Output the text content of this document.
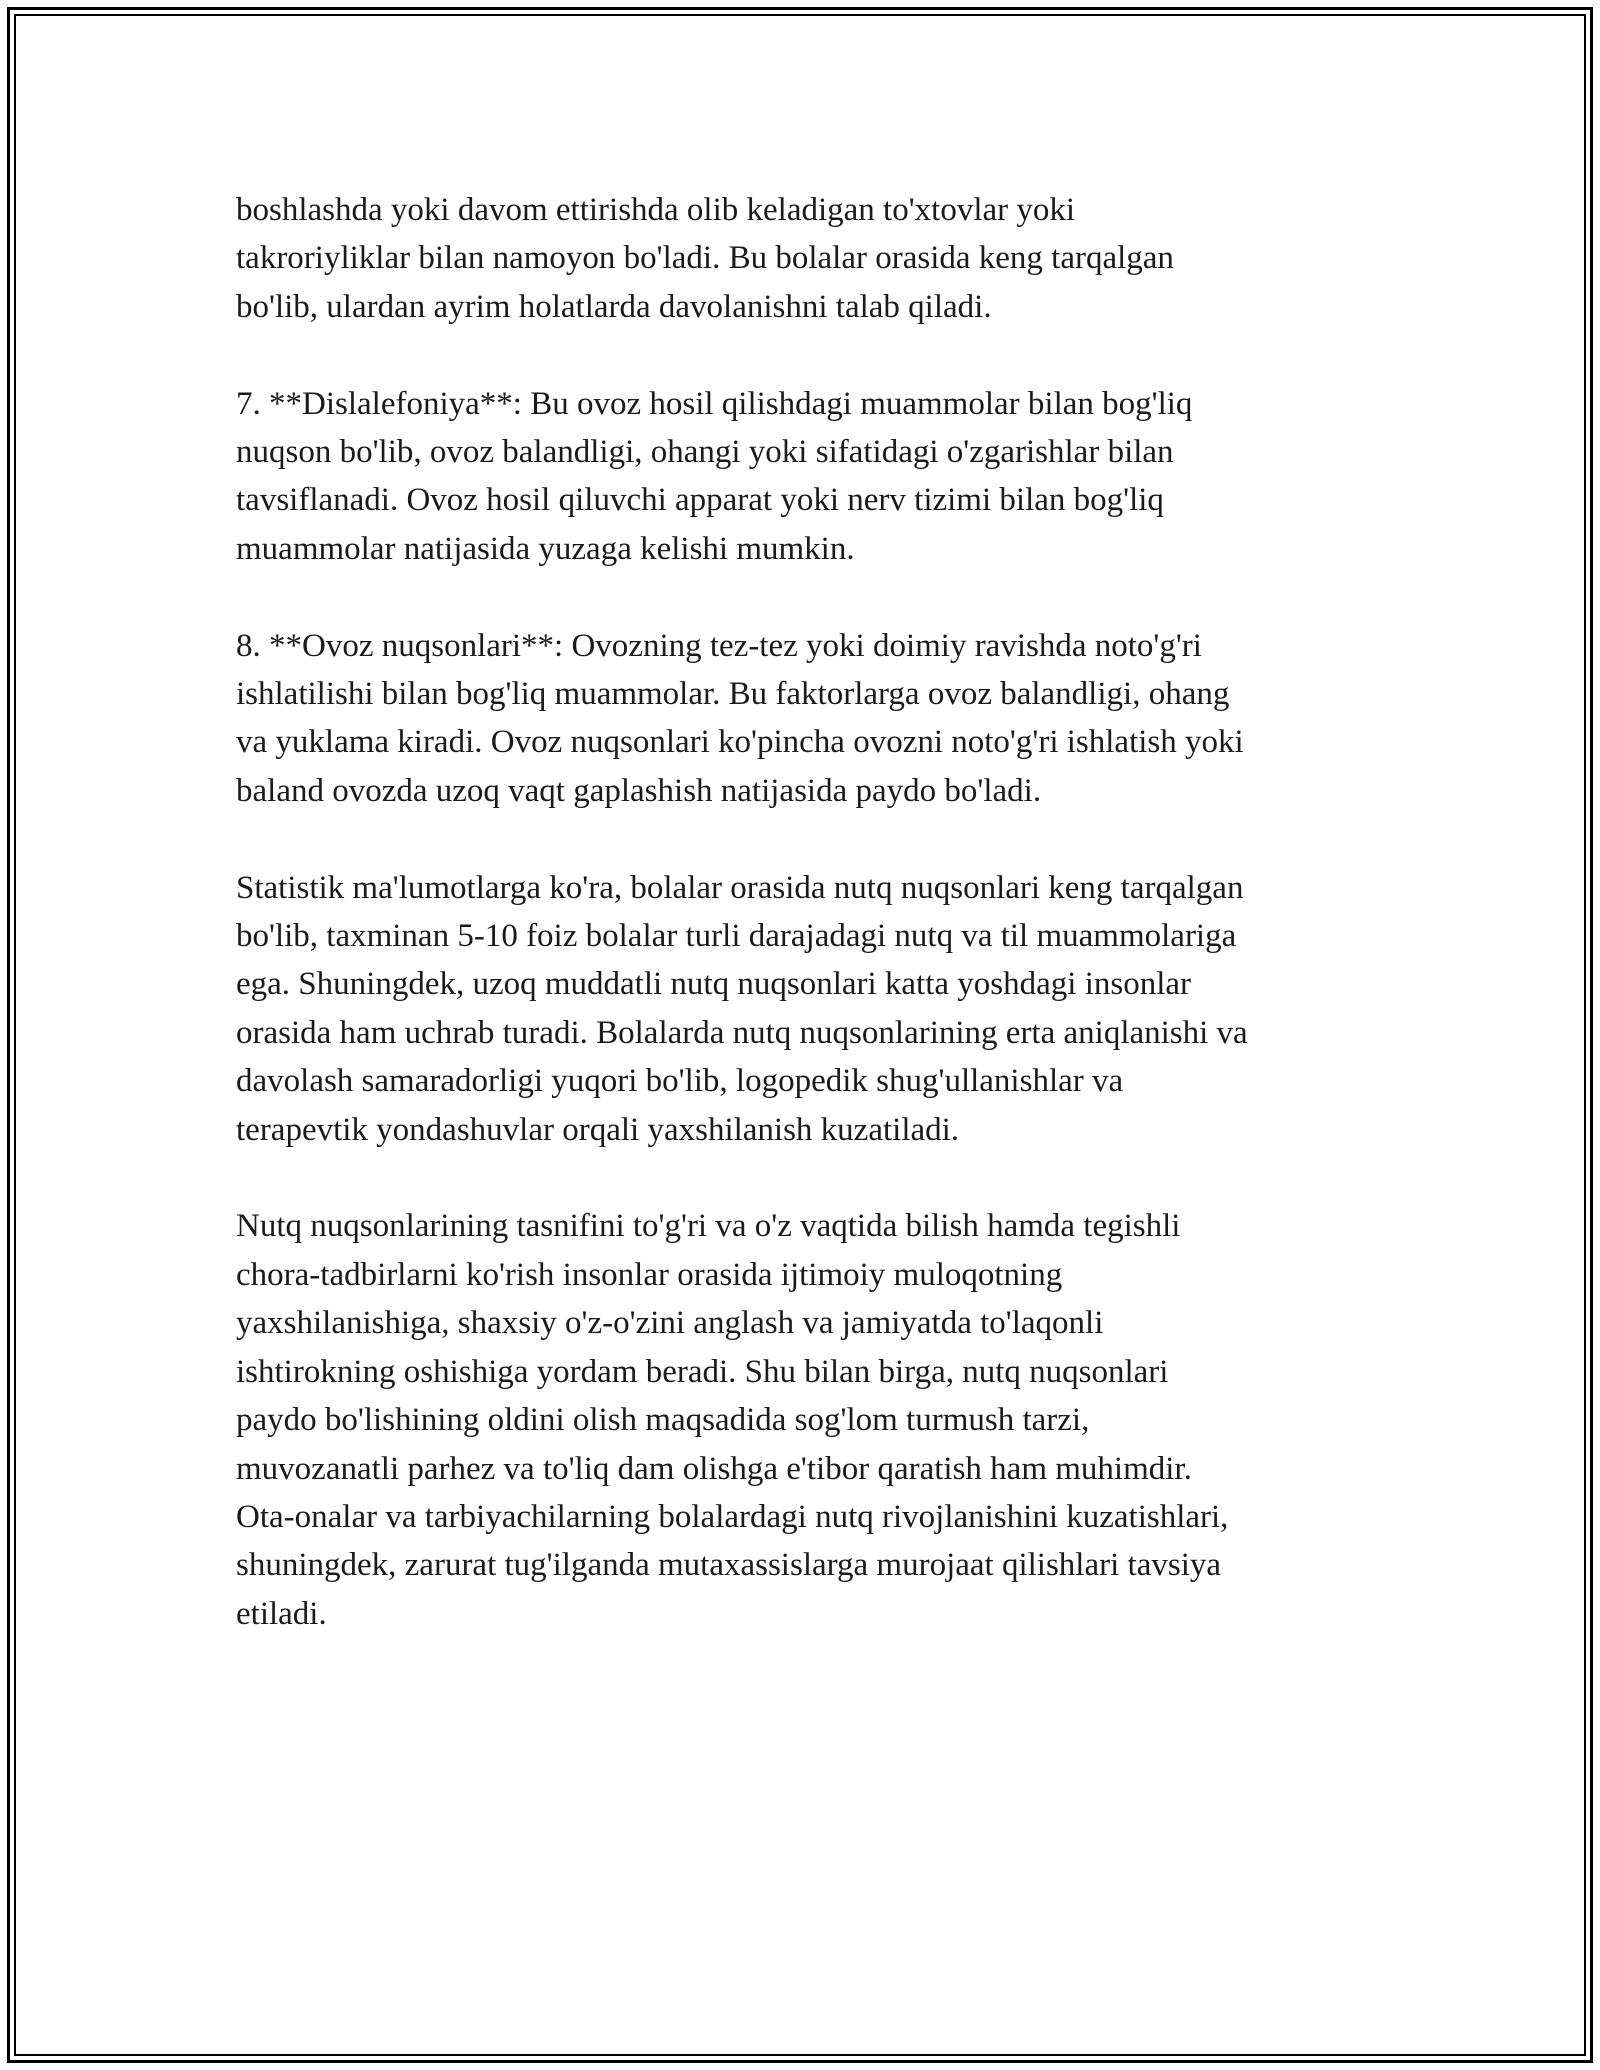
boshlashda yoki davom ettirishda olib keladigan to'xtovlar yoki
takroriyliklar bilan namoyon bo'ladi. Bu bolalar orasida keng tarqalgan
bo'lib, ulardan ayrim holatlarda davolanishni talab qiladi.

7. **Dislalefoniya**: Bu ovoz hosil qilishdagi muammolar bilan bog'liq
nuqson bo'lib, ovoz balandligi, ohangi yoki sifatidagi o'zgarishlar bilan
tavsiflanadi. Ovoz hosil qiluvchi apparat yoki nerv tizimi bilan bog'liq
muammolar natijasida yuzaga kelishi mumkin.

8. **Ovoz nuqsonlari**: Ovozning tez-tez yoki doimiy ravishda noto'g'ri
ishlatilishi bilan bog'liq muammolar. Bu faktorlarga ovoz balandligi, ohang
va yuklama kiradi. Ovoz nuqsonlari ko'pincha ovozni noto'g'ri ishlatish yoki
baland ovozda uzoq vaqt gaplashish natijasida paydo bo'ladi.

Statistik ma'lumotlarga ko'ra, bolalar orasida nutq nuqsonlari keng tarqalgan
bo'lib, taxminan 5-10 foiz bolalar turli darajadagi nutq va til muammolariga
ega. Shuningdek, uzoq muddatli nutq nuqsonlari katta yoshdagi insonlar
orasida ham uchrab turadi. Bolalarda nutq nuqsonlarining erta aniqlanishi va
davolash samaradorligi yuqori bo'lib, logopedik shug'ullanishlar va
terapevtik yondashuvlar orqali yaxshilanish kuzatiladi.

Nutq nuqsonlarining tasnifini to'g'ri va o'z vaqtida bilish hamda tegishli
chora-tadbirlarni ko'rish insonlar orasida ijtimoiy muloqotning
yaxshilanishiga, shaxsiy o'z-o'zini anglash va jamiyatda to'laqonli
ishtirokning oshishiga yordam beradi. Shu bilan birga, nutq nuqsonlari
paydo bo'lishining oldini olish maqsadida sog'lom turmush tarzi,
muvozanatli parhez va to'liq dam olishga e'tibor qaratish ham muhimdir.
Ota-onalar va tarbiyachilarning bolalardagi nutq rivojlanishini kuzatishlari,
shuningdek, zarurat tug'ilganda mutaxassislarga murojaat qilishlari tavsiya
etiladi.
